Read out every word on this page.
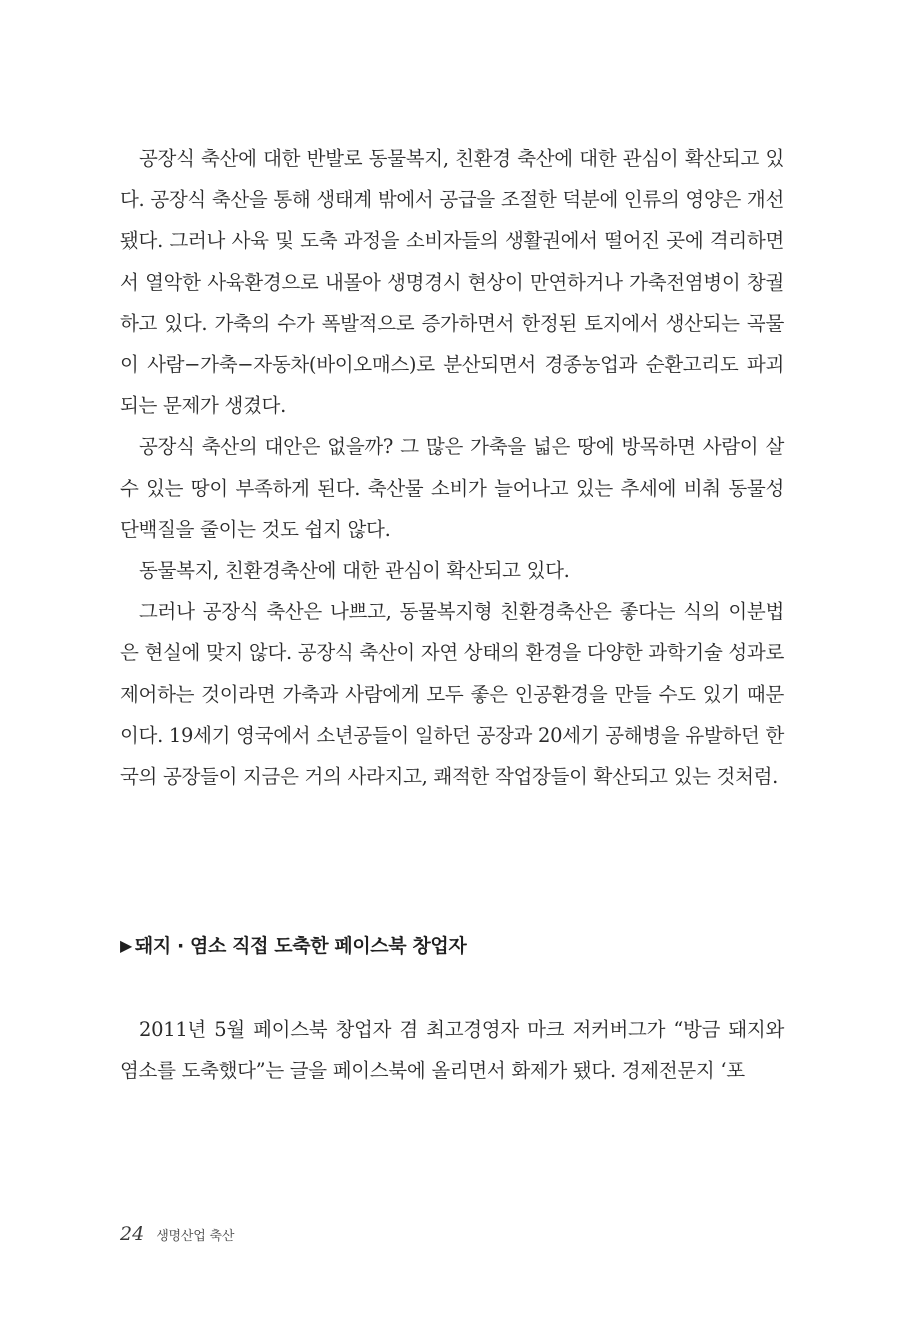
공장식 축산에 대한 반발로 동물복지, 친환경 축산에 대한 관심이 확산되고 있다. 공장식 축산을 통해 생태계 밖에서 공급을 조절한 덕분에 인류의 영양은 개선됐다. 그러나 사육 및 도축 과정을 소비자들의 생활권에서 떨어진 곳에 격리하면서 열악한 사육환경으로 내몰아 생명경시 현상이 만연하거나 가축전염병이 창궐하고 있다. 가축의 수가 폭발적으로 증가하면서 한정된 토지에서 생산되는 곡물이 사람−가축−자동차(바이오매스)로 분산되면서 경종농업과 순환고리도 파괴되는 문제가 생겼다.

공장식 축산의 대안은 없을까? 그 많은 가축을 넓은 땅에 방목하면 사람이 살 수 있는 땅이 부족하게 된다. 축산물 소비가 늘어나고 있는 추세에 비춰 동물성 단백질을 줄이는 것도 쉽지 않다.

동물복지, 친환경축산에 대한 관심이 확산되고 있다.

그러나 공장식 축산은 나쁘고, 동물복지형 친환경축산은 좋다는 식의 이분법은 현실에 맞지 않다. 공장식 축산이 자연 상태의 환경을 다양한 과학기술 성과로 제어하는 것이라면 가축과 사람에게 모두 좋은 인공환경을 만들 수도 있기 때문이다. 19세기 영국에서 소년공들이 일하던 공장과 20세기 공해병을 유발하던 한국의 공장들이 지금은 거의 사라지고, 쾌적한 작업장들이 확산되고 있는 것처럼.

▶ 돼지 · 염소 직접 도축한 페이스북 창업자

2011년 5월 페이스북 창업자 겸 최고경영자 마크 저커버그가 “방금 돼지와 염소를 도축했다”는 글을 페이스북에 올리면서 화제가 됐다. 경제전문지 ‘포

24 생명산업 축산
